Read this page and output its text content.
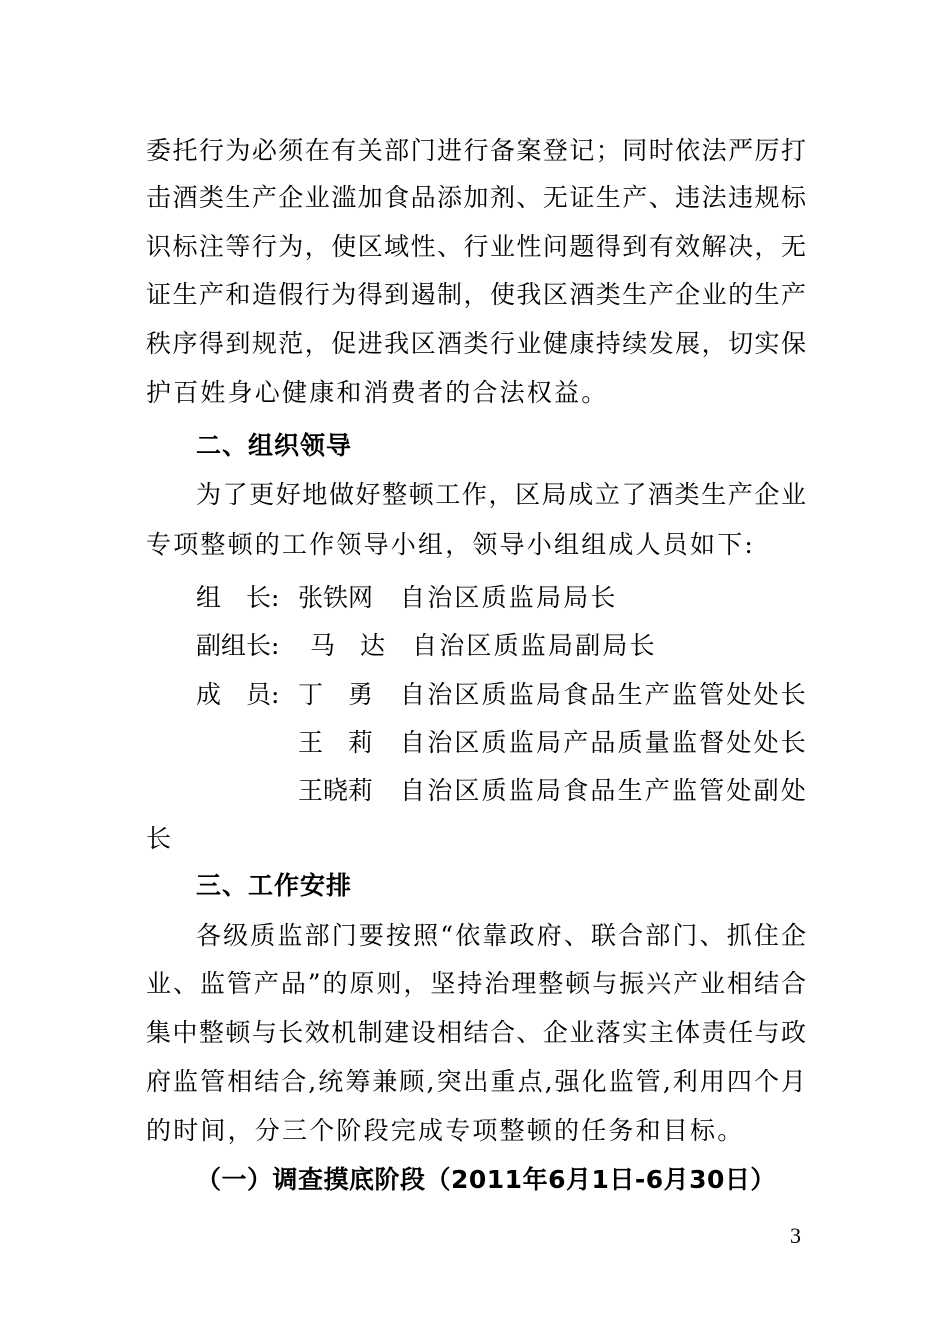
委托行为必须在有关部门进行备案登记；同时依法严厉打
击酒类生产企业滥加食品添加剂、无证生产、违法违规标
识标注等行为，使区域性、行业性问题得到有效解决，无
证生产和造假行为得到遏制，使我区酒类生产企业的生产
秩序得到规范，促进我区酒类行业健康持续发展，切实保
护百姓身心健康和消费者的合法权益。
二、组织领导
为了更好地做好整顿工作，区局成立了酒类生产企业
专项整顿的工作领导小组，领导小组组成人员如下:
组　长: 张铁网 自治区质监局局长
副组长: 马　达 自治区质监局副局长
成　员: 丁　勇 自治区质监局食品生产监管处处长
王　莉 自治区质监局产品质量监督处处长
王晓莉 自治区质监局食品生产监管处副处
长
三、工作安排
各级质监部门要按照“依靠政府、联合部门、抓住企
业、监管产品”的原则，坚持治理整顿与振兴产业相结合
集中整顿与长效机制建设相结合、企业落实主体责任与政
府监管相结合,统筹兼顾,突出重点,强化监管,利用四个月
的时间，分三个阶段完成专项整顿的任务和目标。
（一）调查摸底阶段（2011年6月1日-6月30日）
3
